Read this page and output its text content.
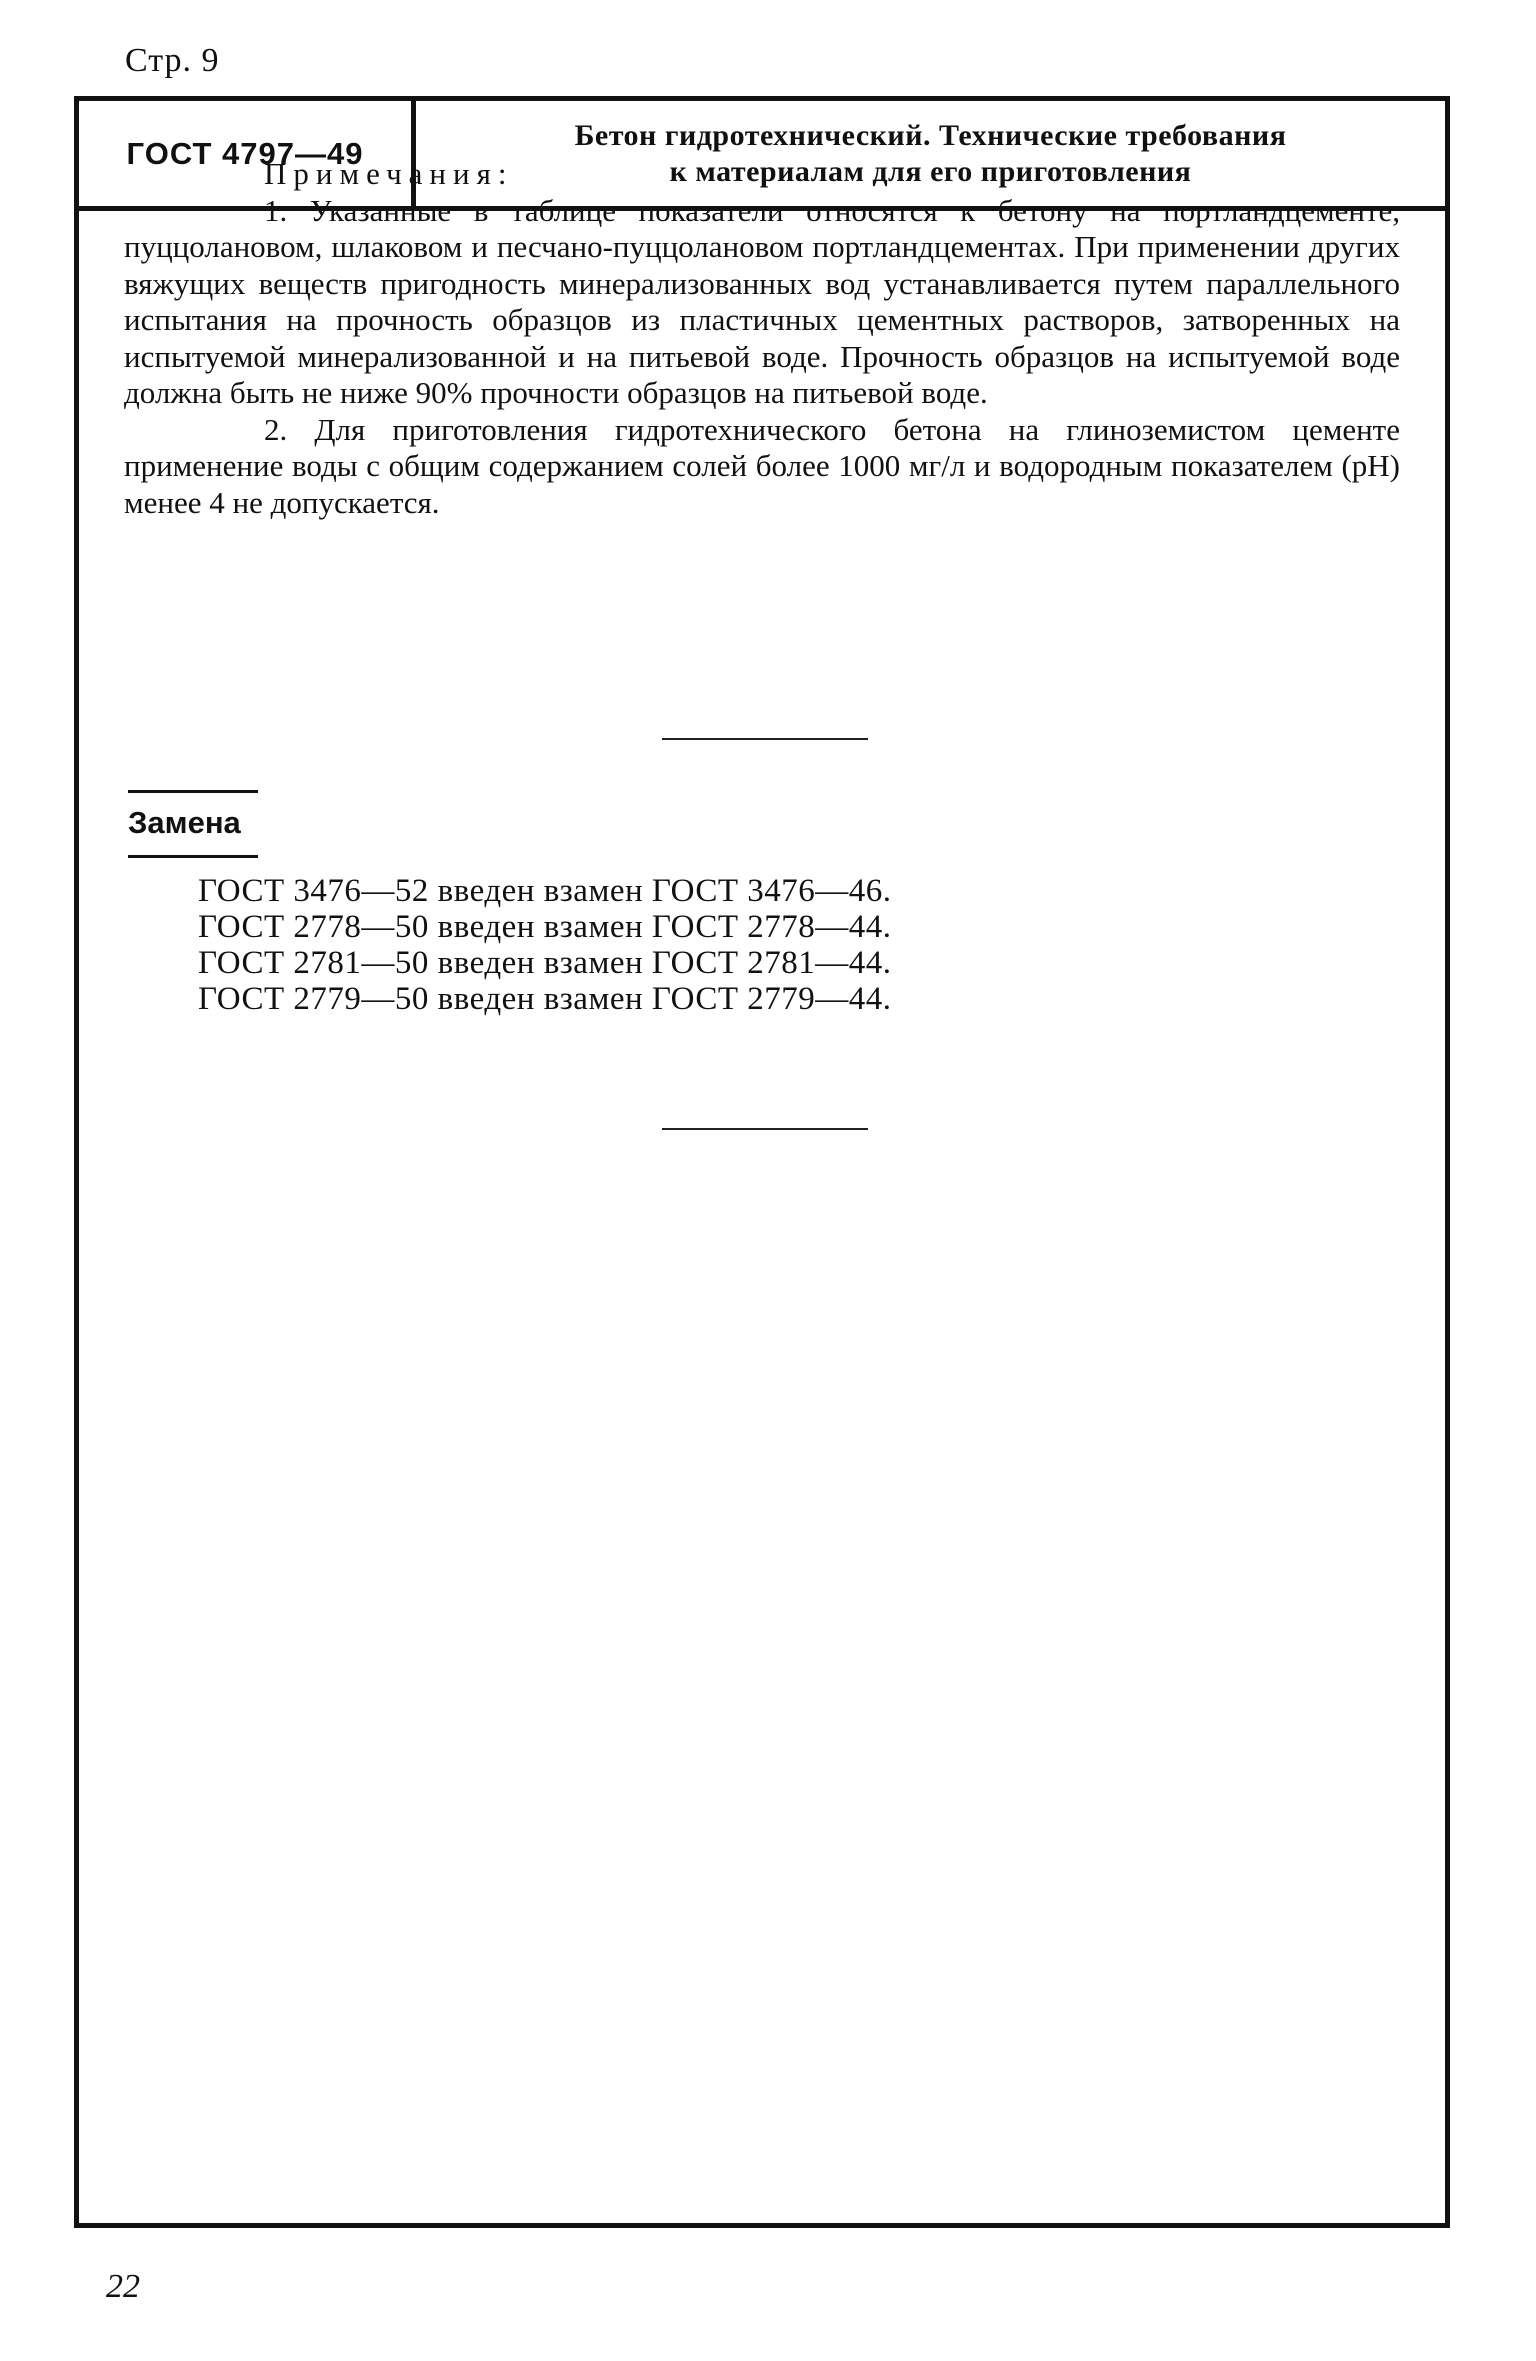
Стр. 9
ГОСТ 4797—49
Бетон гидротехнический. Технические требования
к материалам для его приготовления
Примечания:

1. Указанные в таблице показатели относятся к бетону на портландцементе, пуццолановом, шлаковом и песчано-пуццолановом портландцементах. При применении других вяжущих веществ пригодность минерализованных вод устанавливается путем параллельного испытания на прочность образцов из пластичных цементных растворов, затворенных на испытуемой минерализованной и на питьевой воде. Прочность образцов на испытуемой воде должна быть не ниже 90% прочности образцов на питьевой воде.

2. Для приготовления гидротехнического бетона на глиноземистом цементе применение воды с общим содержанием солей более 1000 мг/л и водородным показателем (pH) менее 4 не допускается.

Замена
ГОСТ 3476—52 введен взамен ГОСТ 3476—46.
ГОСТ 2778—50 введен взамен ГОСТ 2778—44.
ГОСТ 2781—50 введен взамен ГОСТ 2781—44.
ГОСТ 2779—50 введен взамен ГОСТ 2779—44.
22
